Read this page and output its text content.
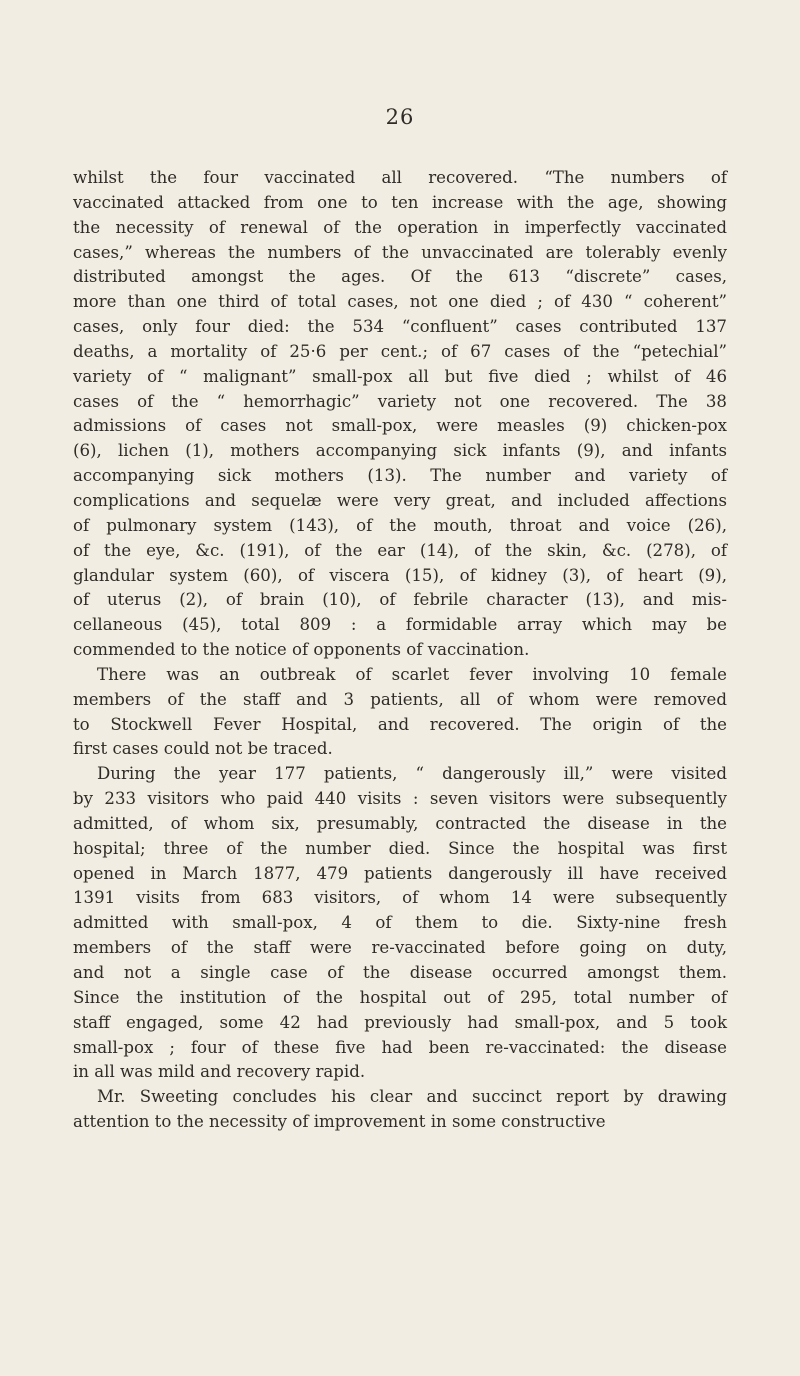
26
whilst the four vaccinated all recovered. “The numbers of
vaccinated attacked from one to ten increase with the age, showing
the necessity of renewal of the operation in imperfectly vaccinated
cases,” whereas the numbers of the unvaccinated are tolerably evenly
distributed amongst the ages. Of the 613 “discrete” cases,
more than one third of total cases, not one died ; of 430 “ coherent”
cases, only four died: the 534 “confluent” cases contributed 137
deaths, a mortality of 25·6 per cent.; of 67 cases of the “petechial”
variety of “ malignant” small-pox all but five died ; whilst of 46
cases of the “ hemorrhagic” variety not one recovered. The 38
admissions of cases not small-pox, were measles (9) chicken-pox
(6), lichen (1), mothers accompanying sick infants (9), and infants
accompanying sick mothers (13). The number and variety of
complications and sequelæ were very great, and included affections
of pulmonary system (143), of the mouth, throat and voice (26),
of the eye, &c. (191), of the ear (14), of the skin, &c. (278), of
glandular system (60), of viscera (15), of kidney (3), of heart (9),
of uterus (2), of brain (10), of febrile character (13), and mis-
cellaneous (45), total 809 : a formidable array which may be
commended to the notice of opponents of vaccination.
There was an outbreak of scarlet fever involving 10 female
members of the staff and 3 patients, all of whom were removed
to Stockwell Fever Hospital, and recovered. The origin of the
first cases could not be traced.
During the year 177 patients, “ dangerously ill,” were visited
by 233 visitors who paid 440 visits : seven visitors were subsequently
admitted, of whom six, presumably, contracted the disease in the
hospital; three of the number died. Since the hospital was first
opened in March 1877, 479 patients dangerously ill have received
1391 visits from 683 visitors, of whom 14 were subsequently
admitted with small-pox, 4 of them to die. Sixty-nine fresh
members of the staff were re-vaccinated before going on duty,
and not a single case of the disease occurred amongst them.
Since the institution of the hospital out of 295, total number of
staff engaged, some 42 had previously had small-pox, and 5 took
small-pox ; four of these five had been re-vaccinated: the disease
in all was mild and recovery rapid.
Mr. Sweeting concludes his clear and succinct report by drawing
attention to the necessity of improvement in some constructive
